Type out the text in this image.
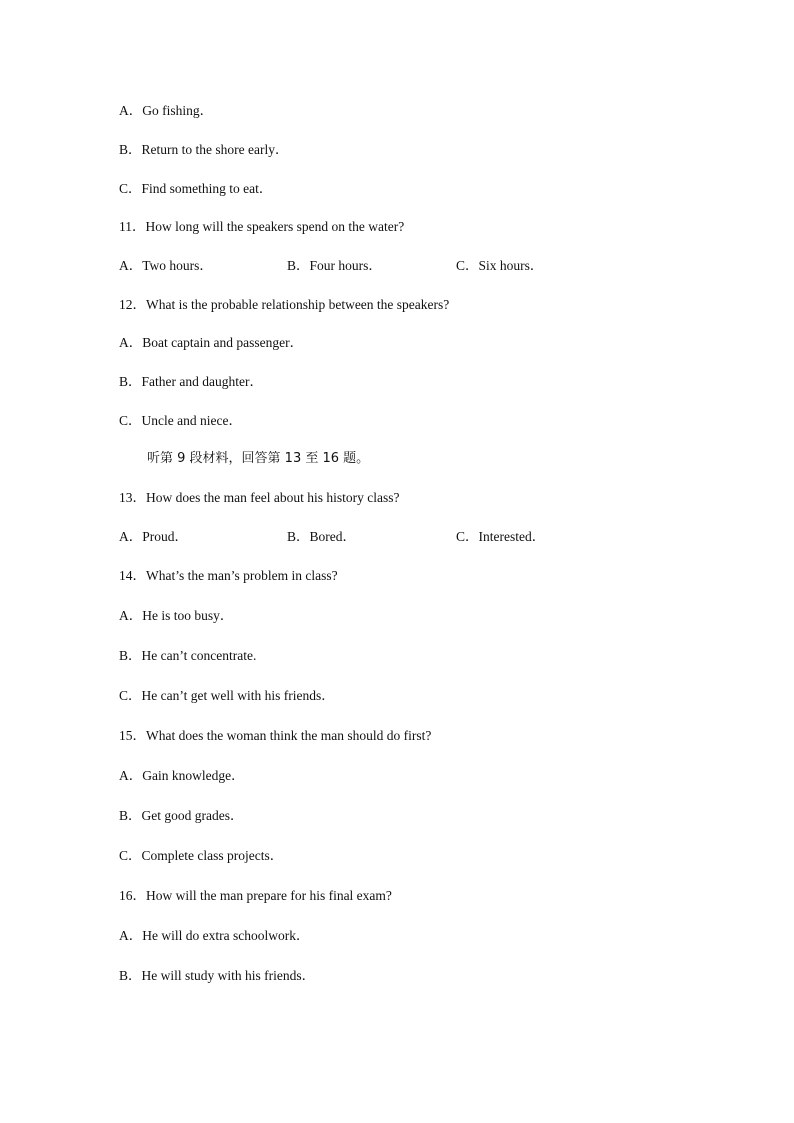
A．Go fishing．
B．Return to the shore early．
C．Find something to eat．
11．How long will the speakers spend on the water?
A．Two hours．	B．Four hours．	C．Six hours．
12．What is the probable relationship between the speakers?
A．Boat captain and passenger．
B．Father and daughter．
C．Uncle and niece．
听第 9 段材料，回答第 13 至 16 题。
13．How does the man feel about his history class?
A．Proud．	B．Bored．	C．Interested．
14．What’s the man’s problem in class?
A．He is too busy．
B．He can’t concentrate.
C．He can’t get well with his friends．
15．What does the woman think the man should do first?
A．Gain knowledge．
B．Get good grades．
C．Complete class projects．
16．How will the man prepare for his final exam?
A．He will do extra schoolwork．
B．He will study with his friends．
